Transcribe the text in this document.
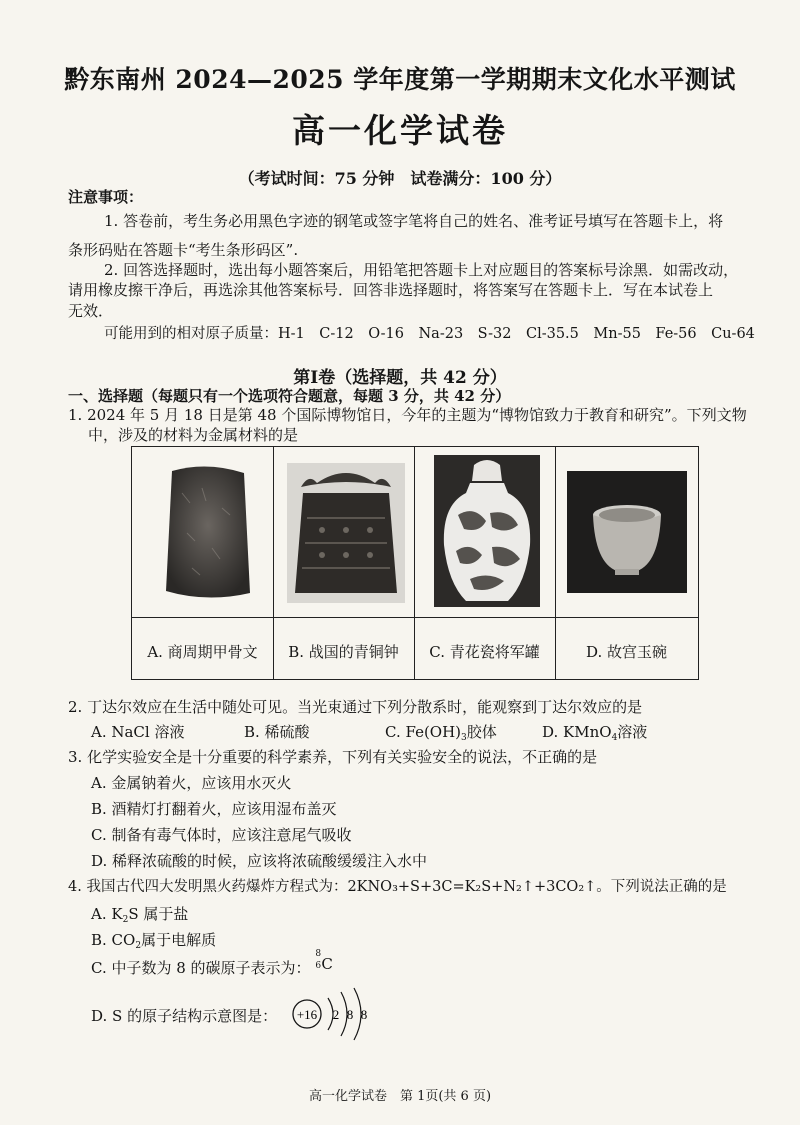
黔东南州 2024—2025 学年度第一学期期末文化水平测试
高一化学试卷
（考试时间：75 分钟　试卷满分：100 分）
注意事项：
1. 答卷前，考生务必用黑色字迹的钢笔或签字笔将自己的姓名、准考证号填写在答题卡上，将
条形码贴在答题卡“考生条形码区”.
2. 回答选择题时，选出每小题答案后，用铅笔把答题卡上对应题目的答案标号涂黑．如需改动，
请用橡皮擦干净后，再选涂其他答案标号．回答非选择题时，将答案写在答题卡上．写在本试卷上
无效．
可能用到的相对原子质量：H-1　C-12　O-16　Na-23　S-32　Cl-35.5　Mn-55　Fe-56　Cu-64
第Ⅰ卷（选择题，共 42 分）
一、选择题（每题只有一个选项符合题意，每题 3 分，共 42 分）
1. 2024 年 5 月 18 日是第 48 个国际博物馆日，今年的主题为“博物馆致力于教育和研究”。下列文物
中，涉及的材料为金属材料的是
A. 商周期甲骨文	B. 战国的青铜钟	C. 青花瓷将军罐	D. 故宫玉碗
2. 丁达尔效应在生活中随处可见。当光束通过下列分散系时，能观察到丁达尔效应的是
A. NaCl 溶液	B. 稀硫酸	C. $Fe(OH)_3$胶体	D. KMnO$_4$溶液
3. 化学实验安全是十分重要的科学素养，下列有关实验安全的说法，不正确的是
A. 金属钠着火，应该用水灭火
B. 酒精灯打翻着火，应该用湿布盖灭
C. 制备有毒气体时，应该注意尾气吸收
D. 稀释浓硫酸的时候，应该将浓硫酸缓缓注入水中
4. 我国古代四大发明黑火药爆炸方程式为：2KNO₃+S+3C=K₂S+N₂↑+3CO₂↑。下列说法正确的是
A. $K_2S$ 属于盐
B. $CO_2$属于电解质
C. 中子数为 8 的碳原子表示为：
8
6 C
D. S 的原子结构示意图是： +16 2 8 8
高一化学试卷　第 1页(共 6 页)
